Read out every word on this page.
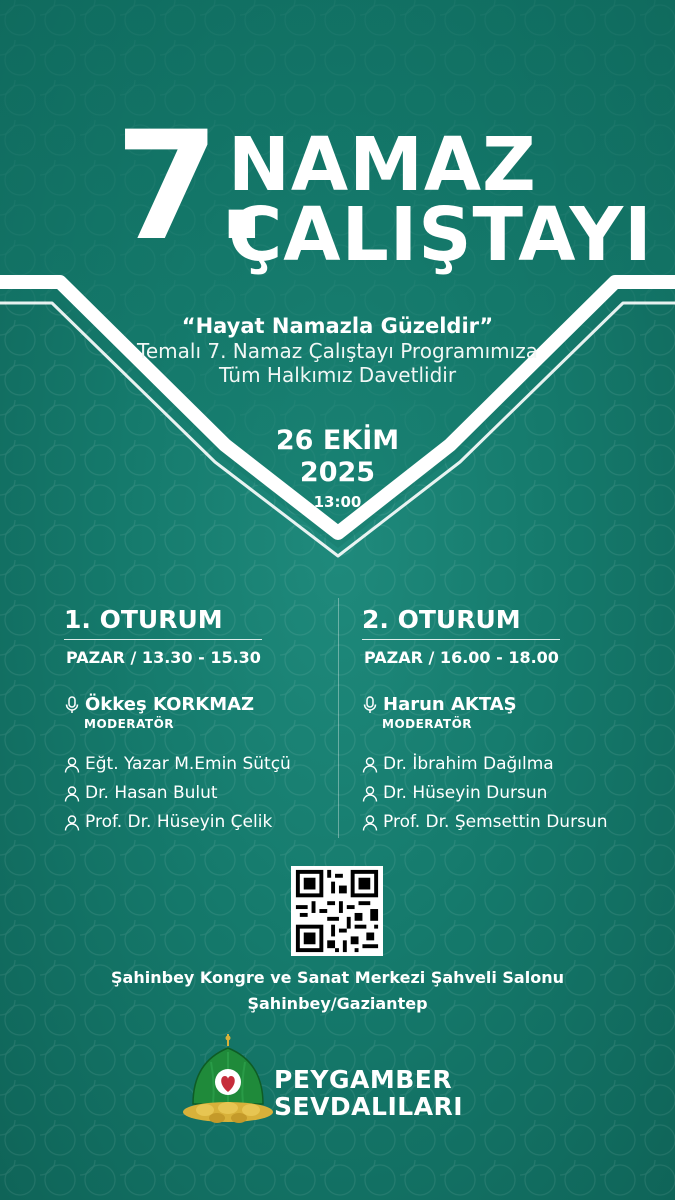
7.
NAMAZ
ÇALIŞTAYI
“Hayat Namazla Güzeldir”
Temalı 7. Namaz Çalıştayı Programımıza
Tüm Halkımız Davetlidir
26 EKİM
2025
13:00
1. OTURUM
PAZAR / 13.30 - 15.30
Ökkeş KORKMAZ
MODERATÖR
Eğt. Yazar M.Emin Sütçü
Dr. Hasan Bulut
Prof. Dr. Hüseyin Çelik
2. OTURUM
PAZAR / 16.00 - 18.00
Harun AKTAŞ
MODERATÖR
Dr. İbrahim Dağılma
Dr. Hüseyin Dursun
Prof. Dr. Şemsettin Dursun
Şahinbey Kongre ve Sanat Merkezi Şahveli Salonu
Şahinbey/Gaziantep
PEYGAMBER
SEVDALILARI
